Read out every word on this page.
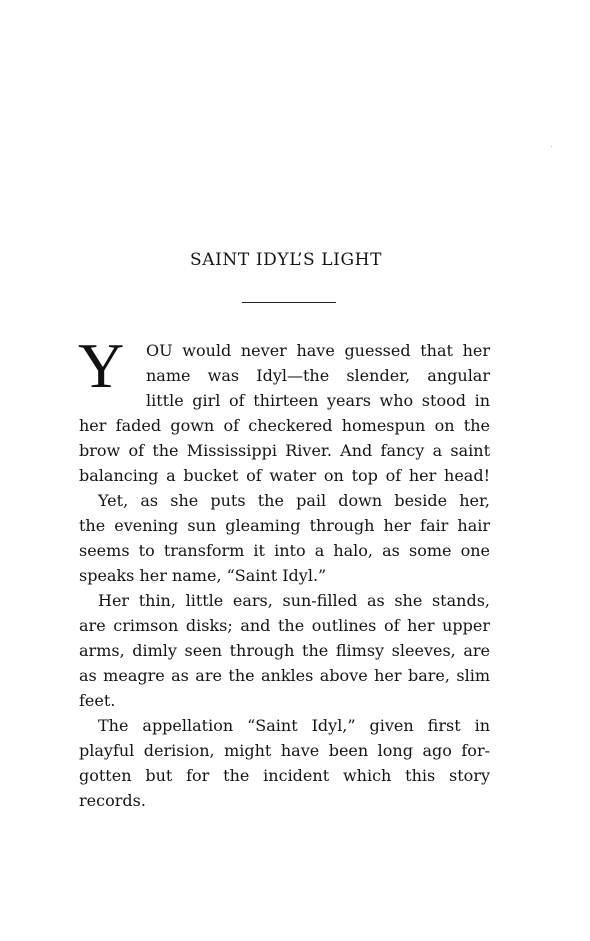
SAINT IDYL’S LIGHT
Y OU would never have guessed that her
name was Idyl—the slender, angular
little girl of thirteen years who stood in
her faded gown of checkered homespun on the
brow of the Mississippi River. And fancy a saint
balancing a bucket of water on top of her head!
Yet, as she puts the pail down beside her,
the evening sun gleaming through her fair hair
seems to transform it into a halo, as some one
speaks her name, “Saint Idyl.”
Her thin, little ears, sun-filled as she stands,
are crimson disks; and the outlines of her upper
arms, dimly seen through the flimsy sleeves, are
as meagre as are the ankles above her bare, slim
feet.
The appellation “Saint Idyl,” given first in
playful derision, might have been long ago for-
gotten but for the incident which this story
records.
